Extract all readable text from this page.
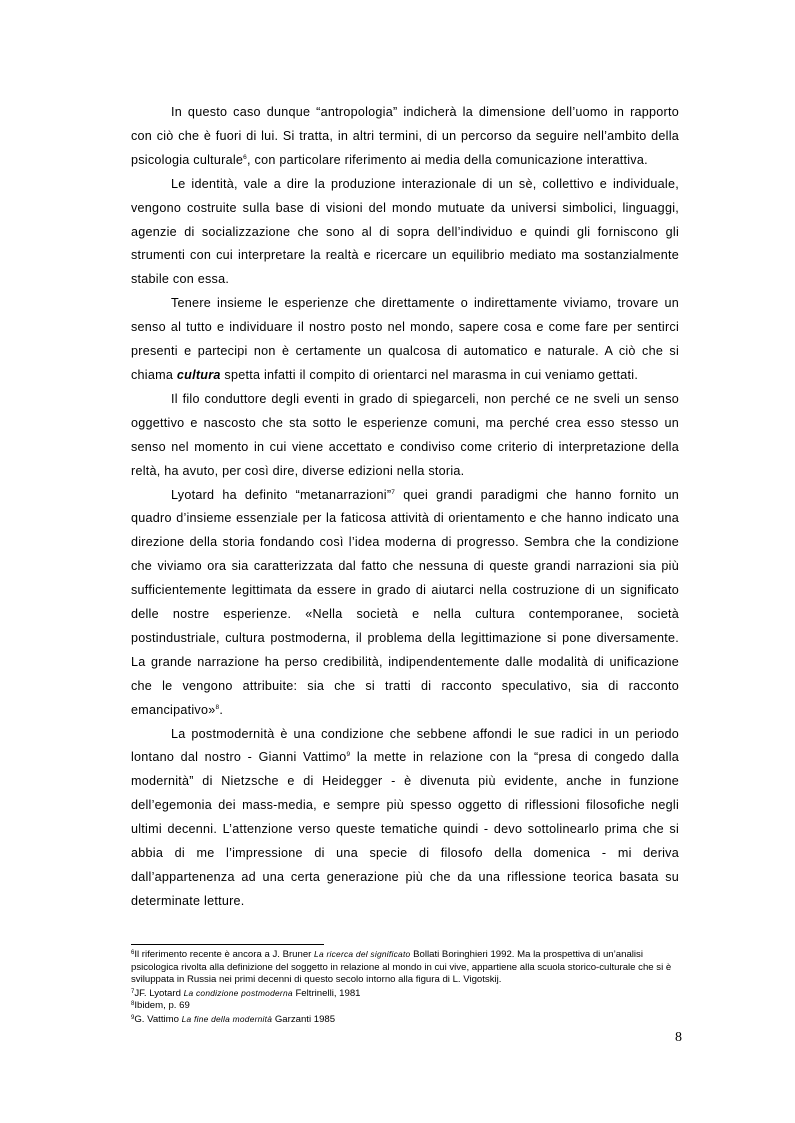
In questo caso dunque “antropologia” indicherà la dimensione dell’uomo in rapporto con ciò che è fuori di lui. Si tratta, in altri termini, di un percorso da seguire nell’ambito della psicologia culturale$^6$, con particolare riferimento ai media della comunicazione interattiva.

Le identità, vale a dire la produzione interazionale di un sè, collettivo e individuale, vengono costruite sulla base di visioni del mondo mutuate da universi simbolici, linguaggi, agenzie di socializzazione che sono al di sopra dell’individuo e quindi gli forniscono gli strumenti con cui interpretare la realtà e ricercare un equilibrio mediato ma sostanzialmente stabile con essa.

Tenere insieme le esperienze che direttamente o indirettamente viviamo, trovare un senso al tutto e individuare il nostro posto nel mondo, sapere cosa e come fare per sentirci presenti e partecipi non è certamente un qualcosa di automatico e naturale. A ciò che si chiama cultura spetta infatti il compito di orientarci nel marasma in cui veniamo gettati.

Il filo conduttore degli eventi in grado di spiegarceli, non perché ce ne sveli un senso oggettivo e nascosto che sta sotto le esperienze comuni, ma perché crea esso stesso un senso nel momento in cui viene accettato e condiviso come criterio di interpretazione della reltà, ha avuto, per così dire, diverse edizioni nella storia.

Lyotard ha definito “metanarrazioni”$^7$ quei grandi paradigmi che hanno fornito un quadro d’insieme essenziale per la faticosa attività di orientamento e che hanno indicato una direzione della storia fondando così l’idea moderna di progresso. Sembra che la condizione che viviamo ora sia caratterizzata dal fatto che nessuna di queste grandi narrazioni sia più sufficientemente legittimata da essere in grado di aiutarci nella costruzione di un significato delle nostre esperienze. «Nella società e nella cultura contemporanee, società postindustriale, cultura postmoderna, il problema della legittimazione si pone diversamente. La grande narrazione ha perso credibilità, indipendentemente dalle modalità di unificazione che le vengono attribuite: sia che si tratti di racconto speculativo, sia di racconto emancipativo»$^8$.

La postmodernità è una condizione che sebbene affondi le sue radici in un periodo lontano dal nostro - Gianni Vattimo$^9$ la mette in relazione con la “presa di congedo dalla modernità” di Nietzsche e di Heidegger - è divenuta più evidente, anche in funzione dell’egemonia dei mass-media, e sempre più spesso oggetto di riflessioni filosofiche negli ultimi decenni. L’attenzione verso queste tematiche quindi - devo sottolinearlo prima che si abbia di me l’impressione di una specie di filosofo della domenica - mi deriva dall’appartenenza ad una certa generazione più che da una riflessione teorica basata su determinate letture.

$^6$Il riferimento recente è ancora a J. Bruner La ricerca del significato Bollati Boringhieri 1992. Ma la prospettiva di un’analisi psicologica rivolta alla definizione del soggetto in relazione al mondo in cui vive, appartiene alla scuola storico-culturale che si è sviluppata in Russia nei primi decenni di questo secolo intorno alla figura di L. Vigotskij.

$^7$JF. Lyotard La condizione postmoderna Feltrinelli, 1981

$^8$Ibidem, p. 69

$^9$G. Vattimo La fine della modernità Garzanti 1985

8
